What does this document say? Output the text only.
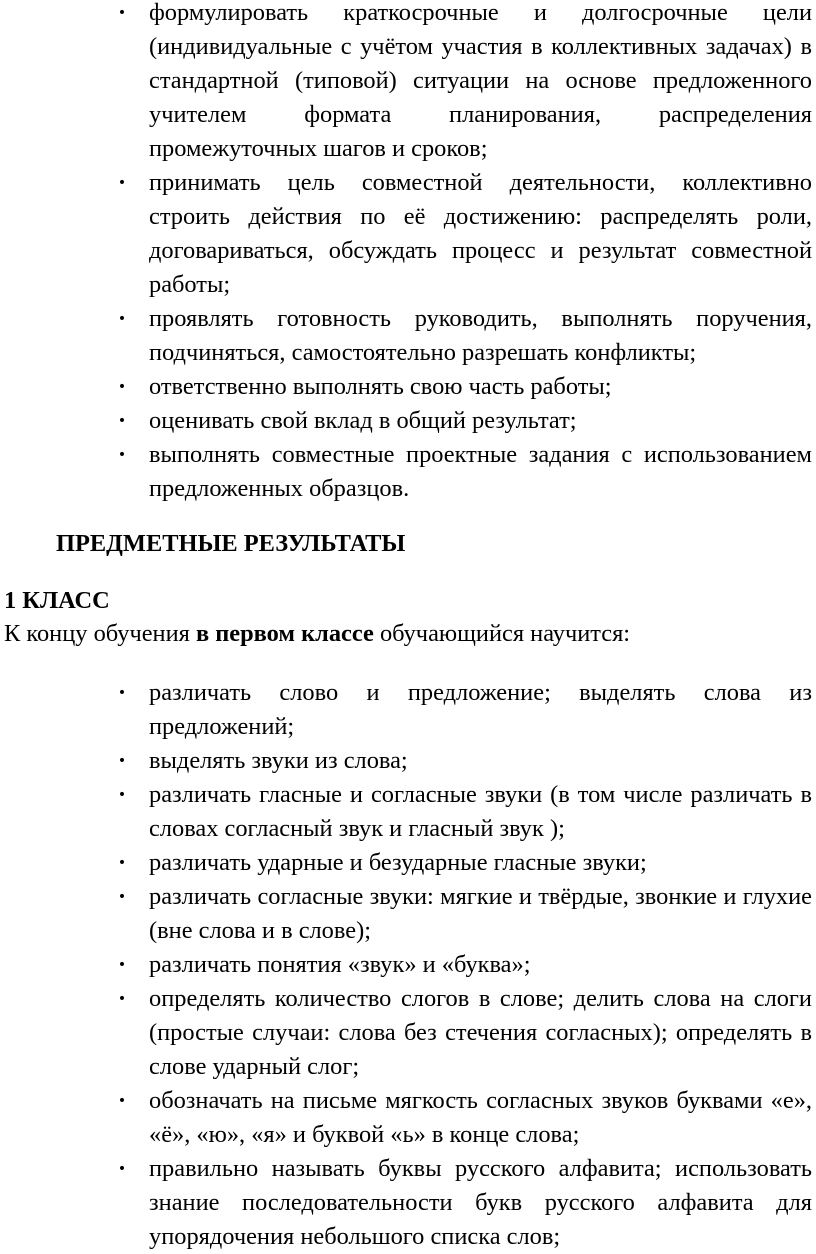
• формулировать краткосрочные и долгосрочные цели (индивидуальные с учётом участия в коллективных задачах) в стандартной (типовой) ситуации на основе предложенного учителем формата планирования, распределения промежуточных шагов и сроков;
• принимать цель совместной деятельности, коллективно строить действия по её достижению: распределять роли, договариваться, обсуждать процесс и результат совместной работы;
• проявлять готовность руководить, выполнять поручения, подчиняться, самостоятельно разрешать конфликты;
• ответственно выполнять свою часть работы;
• оценивать свой вклад в общий результат;
• выполнять совместные проектные задания с использованием предложенных образцов.
ПРЕДМЕТНЫЕ РЕЗУЛЬТАТЫ
1 КЛАСС

К концу обучения в первом классе обучающийся научится:

• различать слово и предложение; выделять слова из предложений;
• выделять звуки из слова;
• различать гласные и согласные звуки (в том числе различать в словах согласный звук и гласный звук );
• различать ударные и безударные гласные звуки;
• различать согласные звуки: мягкие и твёрдые, звонкие и глухие (вне слова и в слове);
• различать понятия «звук» и «буква»;
• определять количество слогов в слове; делить слова на слоги (простые случаи: слова без стечения согласных); определять в слове ударный слог;
• обозначать на письме мягкость согласных звуков буквами «е», «ё», «ю», «я» и буквой «ь» в конце слова;
• правильно называть буквы русского алфавита; использовать знание последовательности букв русского алфавита для упорядочения небольшого списка слов;
